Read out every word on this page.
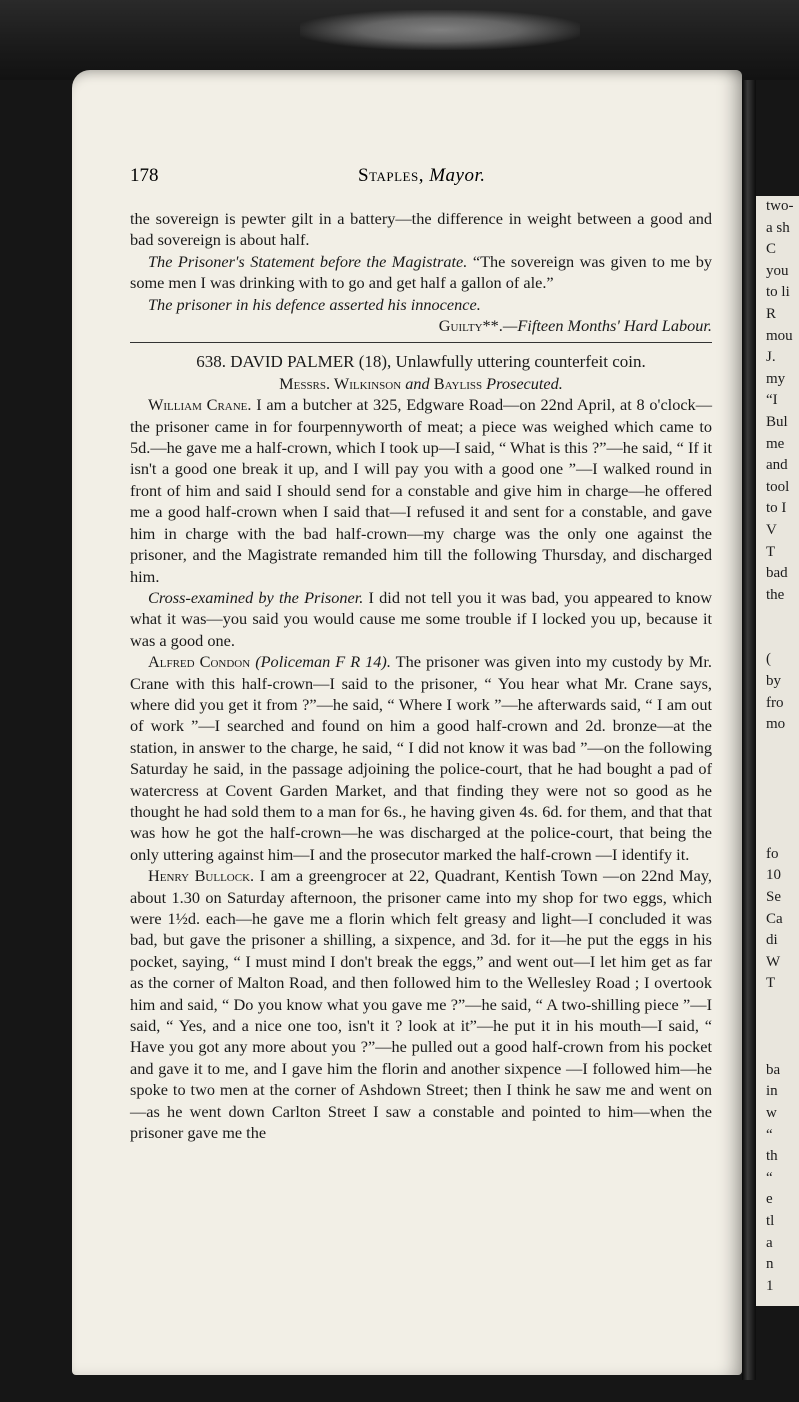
two-
a sh
C
you
to li
R
mou
J.
my
“I
Bul
me
and
tool
to I
V
T
bad
the
(
by
fro
mo
fo
10
Se
Ca
di
W
T
ba
in
w
“
th
“
e
tl
a
n
1
178	Staples, Mayor.

the sovereign is pewter gilt in a battery—the difference in weight between a good and bad sovereign is about half.

The Prisoner's Statement before the Magistrate. “The sovereign was given to me by some men I was drinking with to go and get half a gallon of ale.”

The prisoner in his defence asserted his innocence.

Guilty**.—Fifteen Months' Hard Labour.

638. DAVID PALMER (18), Unlawfully uttering counterfeit coin.

Messrs. Wilkinson and Bayliss Prosecuted.

William Crane. I am a butcher at 325, Edgware Road—on 22nd April, at 8 o'clock—the prisoner came in for fourpennyworth of meat; a piece was weighed which came to 5d.—he gave me a half-crown, which I took up—I said, “ What is this ?”—he said, “ If it isn't a good one break it up, and I will pay you with a good one ”—I walked round in front of him and said I should send for a constable and give him in charge—he offered me a good half-crown when I said that—I refused it and sent for a constable, and gave him in charge with the bad half-crown—my charge was the only one against the prisoner, and the Magistrate remanded him till the following Thursday, and discharged him.

Cross-examined by the Prisoner. I did not tell you it was bad, you appeared to know what it was—you said you would cause me some trouble if I locked you up, because it was a good one.

Alfred Condon (Policeman F R 14). The prisoner was given into my custody by Mr. Crane with this half-crown—I said to the prisoner, “ You hear what Mr. Crane says, where did you get it from ?”—he said, “ Where I work ”—he afterwards said, “ I am out of work ”—I searched and found on him a good half-crown and 2d. bronze—at the station, in answer to the charge, he said, “ I did not know it was bad ”—on the following Saturday he said, in the passage adjoining the police-court, that he had bought a pad of watercress at Covent Garden Market, and that finding they were not so good as he thought he had sold them to a man for 6s., he having given 4s. 6d. for them, and that that was how he got the half-crown—he was discharged at the police-court, that being the only uttering against him—I and the prosecutor marked the half-crown —I identify it.

Henry Bullock. I am a greengrocer at 22, Quadrant, Kentish Town —on 22nd May, about 1.30 on Saturday afternoon, the prisoner came into my shop for two eggs, which were 1½d. each—he gave me a florin which felt greasy and light—I concluded it was bad, but gave the prisoner a shilling, a sixpence, and 3d. for it—he put the eggs in his pocket, saying, “ I must mind I don't break the eggs,” and went out—I let him get as far as the corner of Malton Road, and then followed him to the Wellesley Road ; I overtook him and said, “ Do you know what you gave me ?”—he said, “ A two-shilling piece ”—I said, “ Yes, and a nice one too, isn't it ? look at it”—he put it in his mouth—I said, “ Have you got any more about you ?”—he pulled out a good half-crown from his pocket and gave it to me, and I gave him the florin and another sixpence —I followed him—he spoke to two men at the corner of Ashdown Street; then I think he saw me and went on—as he went down Carlton Street I saw a constable and pointed to him—when the prisoner gave me the
